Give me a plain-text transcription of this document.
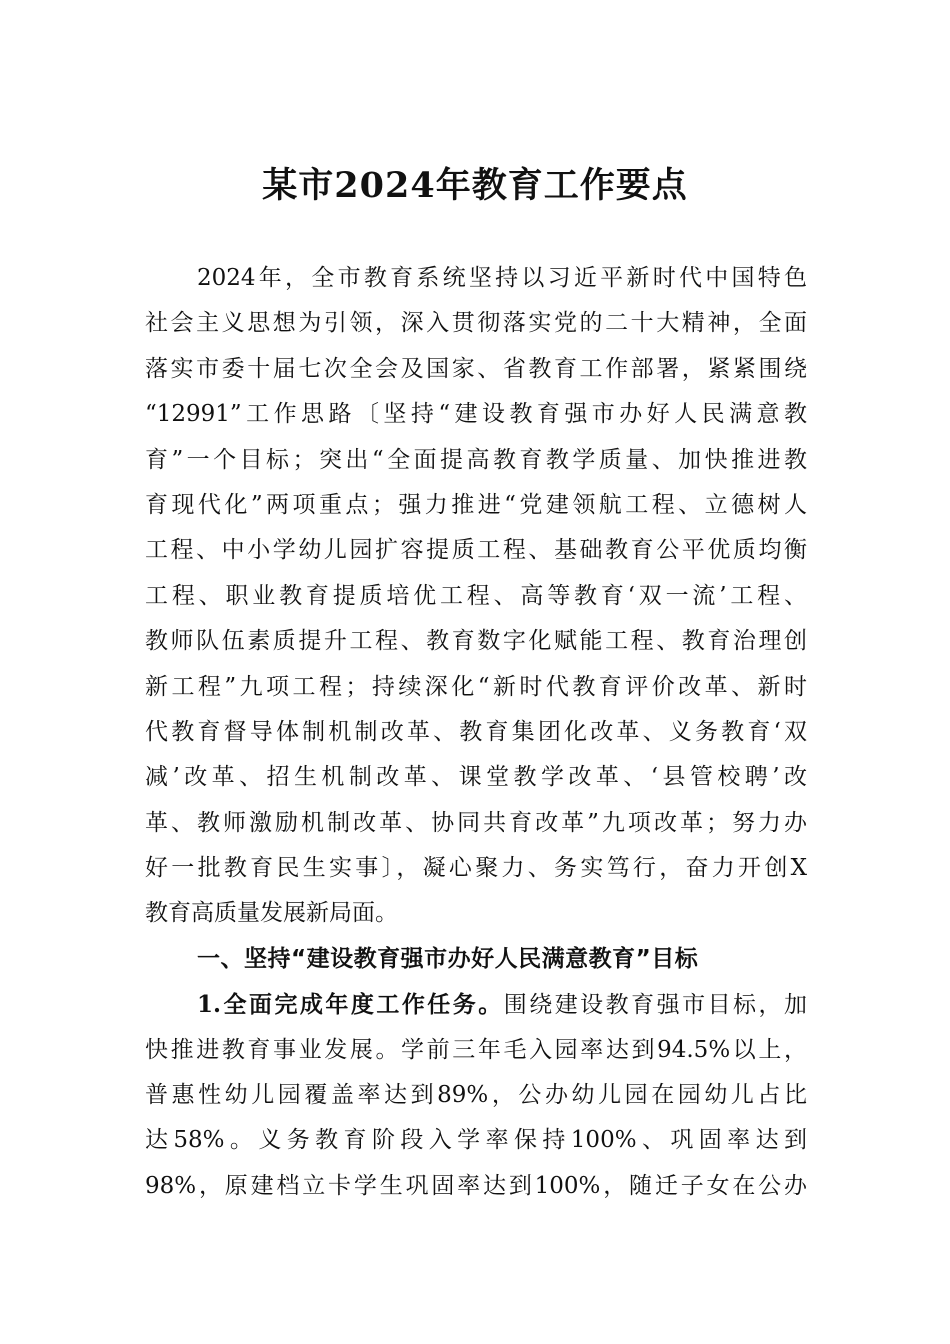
某市2024年教育工作要点
2024年，全市教育系统坚持以习近平新时代中国特色
社会主义思想为引领，深入贯彻落实党的二十大精神，全面
落实市委十届七次全会及国家、省教育工作部署，紧紧围绕
“12991”工作思路〔坚持“建设教育强市办好人民满意教
育”一个目标；突出“全面提高教育教学质量、加快推进教
育现代化”两项重点；强力推进“党建领航工程、立德树人
工程、中小学幼儿园扩容提质工程、基础教育公平优质均衡
工程、职业教育提质培优工程、高等教育‘双一流’工程、
教师队伍素质提升工程、教育数字化赋能工程、教育治理创
新工程”九项工程；持续深化“新时代教育评价改革、新时
代教育督导体制机制改革、教育集团化改革、义务教育‘双
减’改革、招生机制改革、课堂教学改革、‘县管校聘’改
革、教师激励机制改革、协同共育改革”九项改革；努力办
好一批教育民生实事〕，凝心聚力、务实笃行，奋力开创X
教育高质量发展新局面。
一、坚持“建设教育强市办好人民满意教育”目标
1.全面完成年度工作任务。围绕建设教育强市目标，加
快推进教育事业发展。学前三年毛入园率达到94.5%以上，
普惠性幼儿园覆盖率达到89%，公办幼儿园在园幼儿占比
达58%。义务教育阶段入学率保持100%、巩固率达到
98%，原建档立卡学生巩固率达到100%，随迁子女在公办
